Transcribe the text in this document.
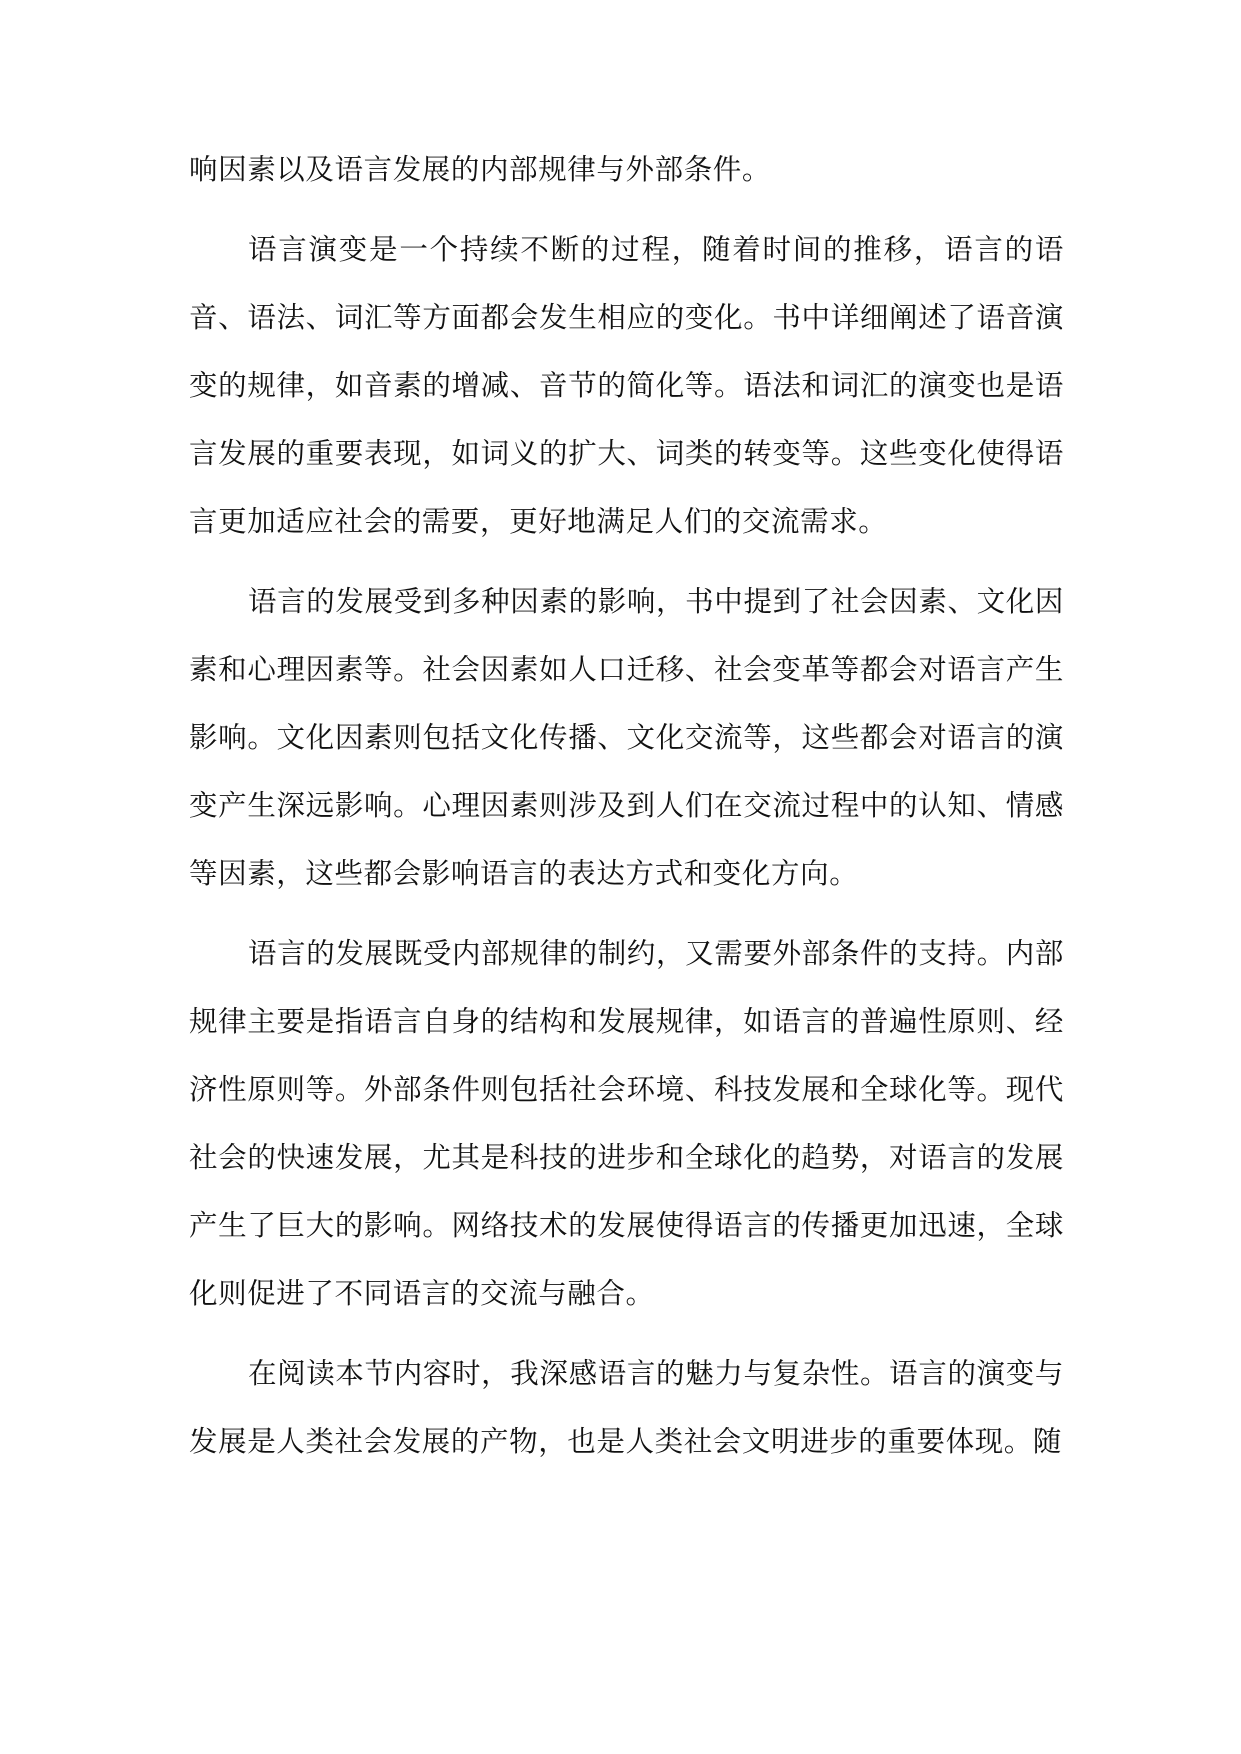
响因素以及语言发展的内部规律与外部条件。

语言演变是一个持续不断的过程，随着时间的推移，语言的语音、语法、词汇等方面都会发生相应的变化。书中详细阐述了语音演变的规律，如音素的增减、音节的简化等。语法和词汇的演变也是语言发展的重要表现，如词义的扩大、词类的转变等。这些变化使得语言更加适应社会的需要，更好地满足人们的交流需求。

语言的发展受到多种因素的影响，书中提到了社会因素、文化因素和心理因素等。社会因素如人口迁移、社会变革等都会对语言产生影响。文化因素则包括文化传播、文化交流等，这些都会对语言的演变产生深远影响。心理因素则涉及到人们在交流过程中的认知、情感等因素，这些都会影响语言的表达方式和变化方向。

语言的发展既受内部规律的制约，又需要外部条件的支持。内部规律主要是指语言自身的结构和发展规律，如语言的普遍性原则、经济性原则等。外部条件则包括社会环境、科技发展和全球化等。现代社会的快速发展，尤其是科技的进步和全球化的趋势，对语言的发展产生了巨大的影响。网络技术的发展使得语言的传播更加迅速，全球化则促进了不同语言的交流与融合。

在阅读本节内容时，我深感语言的魅力与复杂性。语言的演变与发展是人类社会发展的产物，也是人类社会文明进步的重要体现。随
